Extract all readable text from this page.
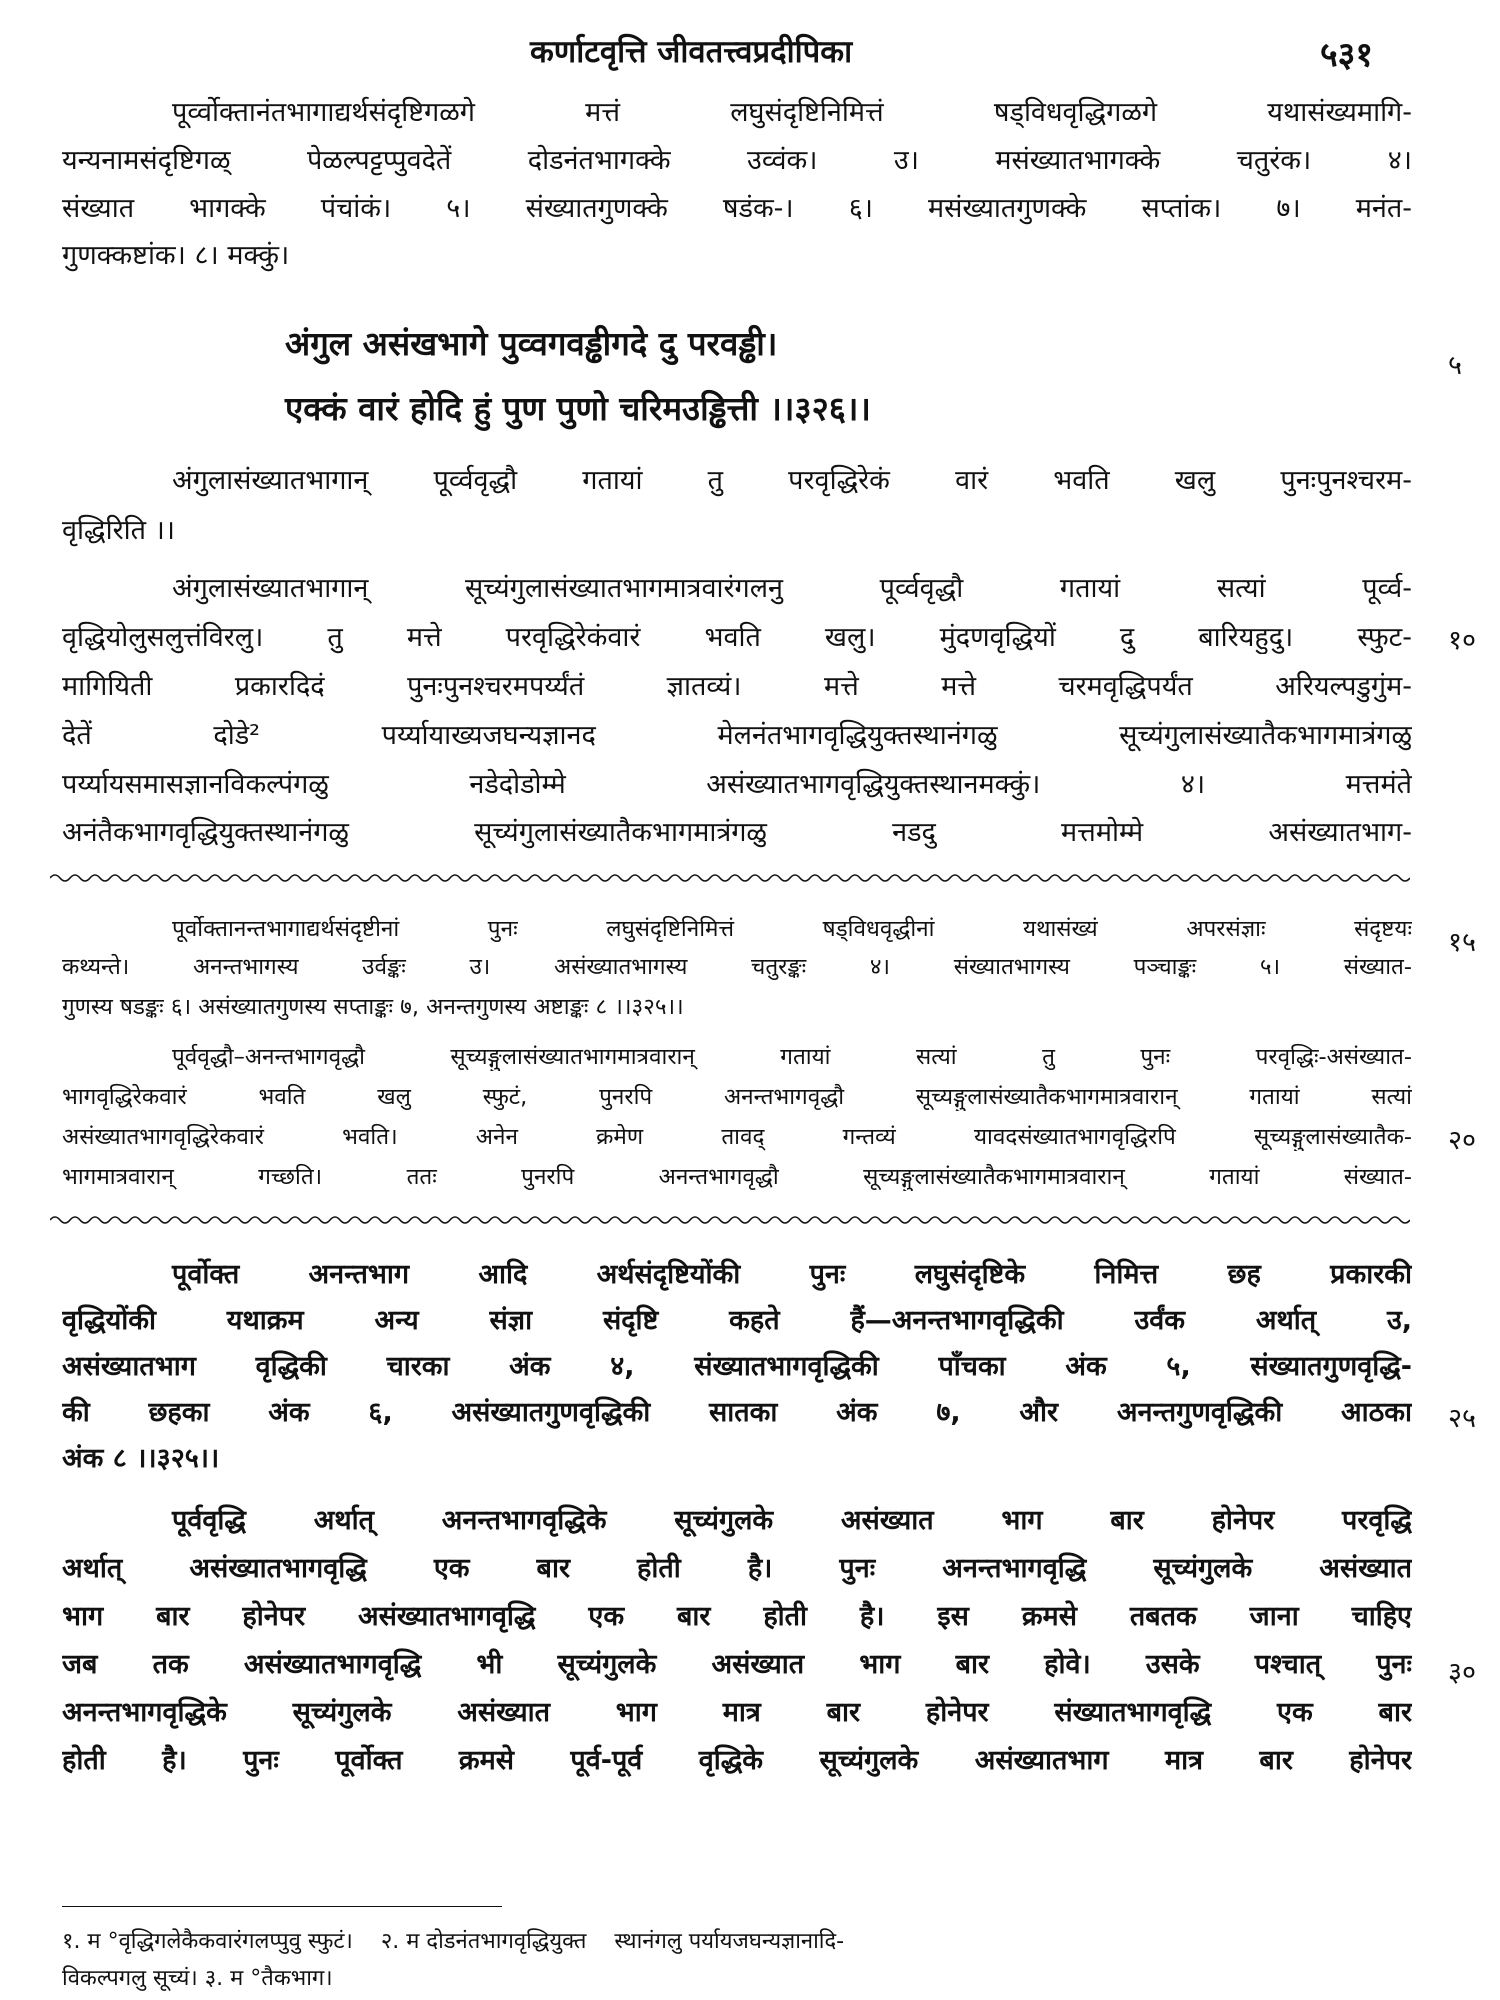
कर्णाटवृत्ति जीवतत्त्वप्रदीपिका	५३१
पूर्व्वोक्तानंतभागाद्यर्थसंदृष्टिगळगे मत्तं लघुसंदृष्टिनिमित्तं षड्विधवृद्धिगळगे यथासंख्यमागि-
यन्यनामसंदृष्टिगळ् पेळल्पट्टप्पुवदेतें दोडनंतभागक्के उव्वंक। उ। मसंख्यातभागक्के चतुरंक। ४।
संख्यात भागक्के पंचांकं। ५। संख्यातगुणक्के षडंक-। ६। मसंख्यातगुणक्के सप्तांक। ७। मनंत-
गुणक्कष्टांक। ८। मक्कुं।
अंगुल असंखभागे पुव्वगवड्ढीगदे दु परवड्ढी।
एक्कं वारं होदि हुं पुण पुणो चरिमउड्ढित्ती ।।३२६।।
अंगुलासंख्यातभागान् पूर्व्ववृद्धौ गतायां तु परवृद्धिरेकं वारं भवति खलु पुनःपुनश्चरम-
वृद्धिरिति ।।
अंगुलासंख्यातभागान् सूच्यंगुलासंख्यातभागमात्रवारंगलनु पूर्व्ववृद्धौ गतायां सत्यां पूर्व्व-
वृद्धियोलुसलुत्तंविरलु। तु मत्ते परवृद्धिरेकंवारं भवति खलु। मुंदणवृद्धियों दु बारियहुदु। स्फुट-
मागियिती प्रकारदिदं पुनःपुनश्चरमपर्य्यंतं ज्ञातव्यं। मत्ते मत्ते चरमवृद्धिपर्यंत अरियल्पडुगुंम-
देतें दोडे² पर्य्यायाख्यजघन्यज्ञानद मेलनंतभागवृद्धियुक्तस्थानंगळु सूच्यंगुलासंख्यातैकभागमात्रंगळु
पर्य्यायसमासज्ञानविकल्पंगळु नडेदोडोम्मे असंख्यातभागवृद्धियुक्तस्थानमक्कुं। ४। मत्तमंते
अनंतैकभागवृद्धियुक्तस्थानंगळु सूच्यंगुलासंख्यातैकभागमात्रंगळु नडदु मत्तमोम्मे असंख्यातभाग-
पूर्वोक्तानन्तभागाद्यर्थसंदृष्टीनां पुनः लघुसंदृष्टिनिमित्तं षड्विधवृद्धीनां यथासंख्यं अपरसंज्ञाः संदृष्टयः
कथ्यन्ते। अनन्तभागस्य उर्वङ्कः उ। असंख्यातभागस्य चतुरङ्कः ४। संख्यातभागस्य पञ्चाङ्कः ५। संख्यात-
गुणस्य षडङ्कः ६। असंख्यातगुणस्य सप्ताङ्कः ७, अनन्तगुणस्य अष्टाङ्कः ८ ।।३२५।।
पूर्ववृद्धौ–अनन्तभागवृद्धौ सूच्यङ्गुलासंख्यातभागमात्रवारान् गतायां सत्यां तु पुनः परवृद्धिः-असंख्यात-
भागवृद्धिरेकवारं भवति खलु स्फुटं, पुनरपि अनन्तभागवृद्धौ सूच्यङ्गुलासंख्यातैकभागमात्रवारान् गतायां सत्यां
असंख्यातभागवृद्धिरेकवारं भवति। अनेन क्रमेण तावद् गन्तव्यं यावदसंख्यातभागवृद्धिरपि सूच्यङ्गुलासंख्यातैक-
भागमात्रवारान् गच्छति। ततः पुनरपि अनन्तभागवृद्धौ सूच्यङ्गुलासंख्यातैकभागमात्रवारान् गतायां संख्यात-
पूर्वोक्त अनन्तभाग आदि अर्थसंदृष्टियोंकी पुनः लघुसंदृष्टिके निमित्त छह प्रकारकी
वृद्धियोंकी यथाक्रम अन्य संज्ञा संदृष्टि कहते हैं—अनन्तभागवृद्धिकी उर्वंक अर्थात् उ,
असंख्यातभाग वृद्धिकी चारका अंक ४, संख्यातभागवृद्धिकी पाँचका अंक ५, संख्यातगुणवृद्धि-
की छहका अंक ६, असंख्यातगुणवृद्धिकी सातका अंक ७, और अनन्तगुणवृद्धिकी आठका
अंक ८ ।।३२५।।
पूर्ववृद्धि अर्थात् अनन्तभागवृद्धिके सूच्यंगुलके असंख्यात भाग बार होनेपर परवृद्धि
अर्थात् असंख्यातभागवृद्धि एक बार होती है। पुनः अनन्तभागवृद्धि सूच्यंगुलके असंख्यात
भाग बार होनेपर असंख्यातभागवृद्धि एक बार होती है। इस क्रमसे तबतक जाना चाहिए
जब तक असंख्यातभागवृद्धि भी सूच्यंगुलके असंख्यात भाग बार होवे। उसके पश्चात् पुनः
अनन्तभागवृद्धिके सूच्यंगुलके असंख्यात भाग मात्र बार होनेपर संख्यातभागवृद्धि एक बार
होती है। पुनः पूर्वोक्त क्रमसे पूर्व-पूर्व वृद्धिके सूच्यंगुलके असंख्यातभाग मात्र बार होनेपर
१. म °वृद्धिगलेकैकवारंगलप्पुवु स्फुटं।    २. म दोडनंतभागवृद्धियुक्त    स्थानंगलु पर्यायजघन्यज्ञानादि-
विकल्पगलु सूच्यं। ३. म °तैकभाग।
५
१०
१५
२०
२५
३०
